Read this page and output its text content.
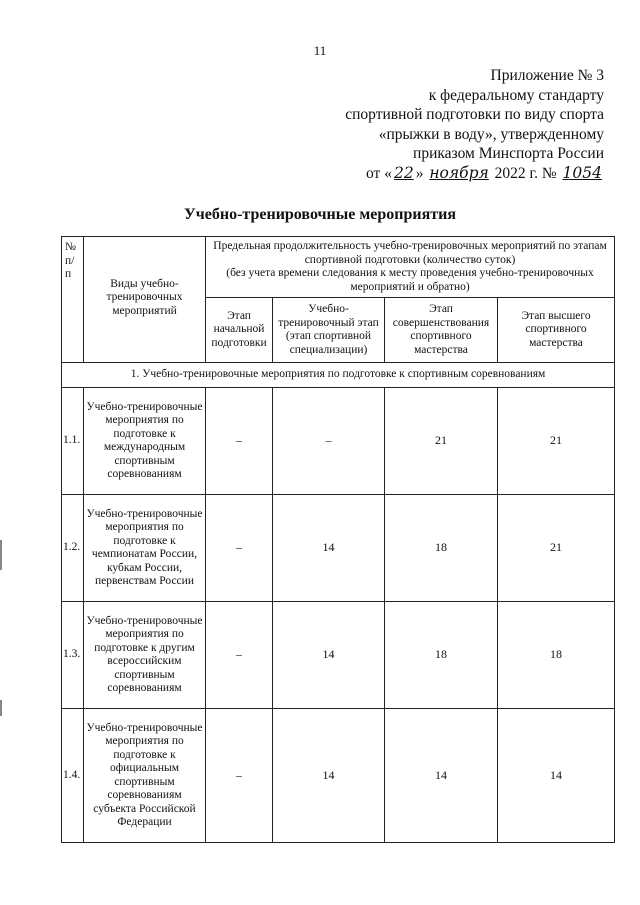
11
Приложение № 3
к федеральному стандарту
спортивной подготовки по виду спорта
«прыжки в воду», утвержденному
приказом Минспорта России
от « 22 » ноября 2022 г. № 1054
Учебно-тренировочные мероприятия
№ п/п	Виды учебно-тренировочных мероприятий	Предельная продолжительность учебно-тренировочных мероприятий по этапам спортивной подготовки (количество суток)
(без учета времени следования к месту проведения учебно-тренировочных мероприятий и обратно)			

		Этап начальной подготовки	Учебно-тренировочный этап (этап спортивной специализации)	Этап совершенствования спортивного мастерства	Этап высшего спортивного мастерства
1. Учебно-тренировочные мероприятия по подготовке к спортивным соревнованиям					
1.1.	Учебно-тренировочные мероприятия по подготовке к международным спортивным соревнованиям	–	–	21	21
1.2.	Учебно-тренировочные мероприятия по подготовке к чемпионатам России, кубкам России, первенствам России	–	14	18	21
1.3.	Учебно-тренировочные мероприятия по подготовке к другим всероссийским спортивным соревнованиям	–	14	18	18
1.4.	Учебно-тренировочные мероприятия по подготовке к официальным спортивным соревнованиям субъекта Российской Федерации	–	14	14	14
